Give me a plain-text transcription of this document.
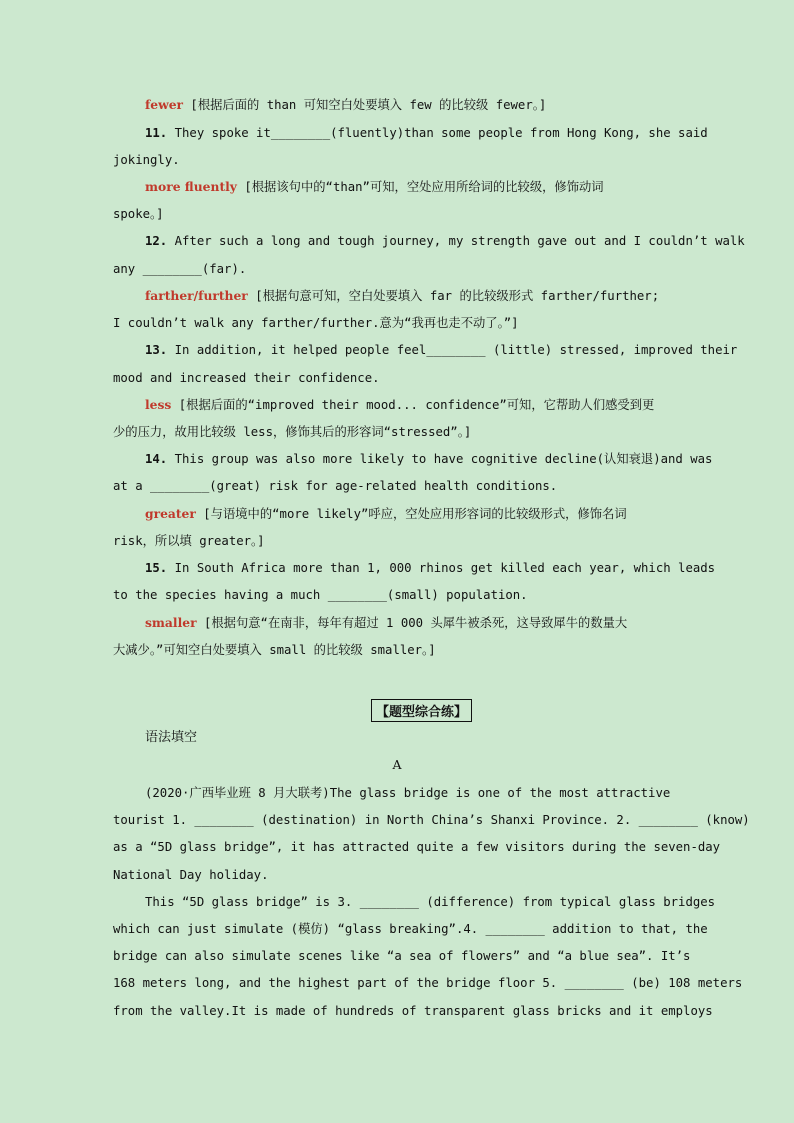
【题型综合练】
语法填空
A
fewer [根据后面的 than 可知空白处要填入 few 的比较级 fewer。]
11. They spoke it________(fluently)than some people from Hong Kong, she said
jokingly.
more fluently [根据该句中的“than”可知，空处应用所给词的比较级，修饰动词
spoke。]
12. After such a long and tough journey, my strength gave out and I couldn’t walk
any ________(far).
farther/further [根据句意可知，空白处要填入 far 的比较级形式 farther/further;
I couldn’t walk any farther/further.意为“我再也走不动了。”]
13. In addition, it helped people feel________ (little) stressed, improved their
mood and increased their confidence.
less [根据后面的“improved their mood... confidence”可知，它帮助人们感受到更
少的压力，故用比较级 less，修饰其后的形容词“stressed”。]
14. This group was also more likely to have cognitive decline(认知衰退)and was
at a ________(great) risk for age-related health conditions.
greater [与语境中的“more likely”呼应，空处应用形容词的比较级形式，修饰名词
risk，所以填 greater。]
15. In South Africa more than 1, 000 rhinos get killed each year, which leads
to the species having a much ________(small) population.
smaller [根据句意“在南非，每年有超过 1 000 头犀牛被杀死，这导致犀牛的数量大
大减少。”可知空白处要填入 small 的比较级 smaller。]
(2020·广西毕业班 8 月大联考)The glass bridge is one of the most attractive
tourist 1. ________ (destination) in North China’s Shanxi Province. 2. ________ (know)
as a “5D glass bridge”, it has attracted quite a few visitors during the seven-day
National Day holiday.
This “5D glass bridge” is 3. ________ (difference) from typical glass bridges
which can just simulate (模仿) “glass breaking”.4. ________ addition to that, the
bridge can also simulate scenes like “a sea of flowers” and “a blue sea”. It’s
168 meters long, and the highest part of the bridge floor 5. ________ (be) 108 meters
from the valley.It is made of hundreds of transparent glass bricks and it employs
